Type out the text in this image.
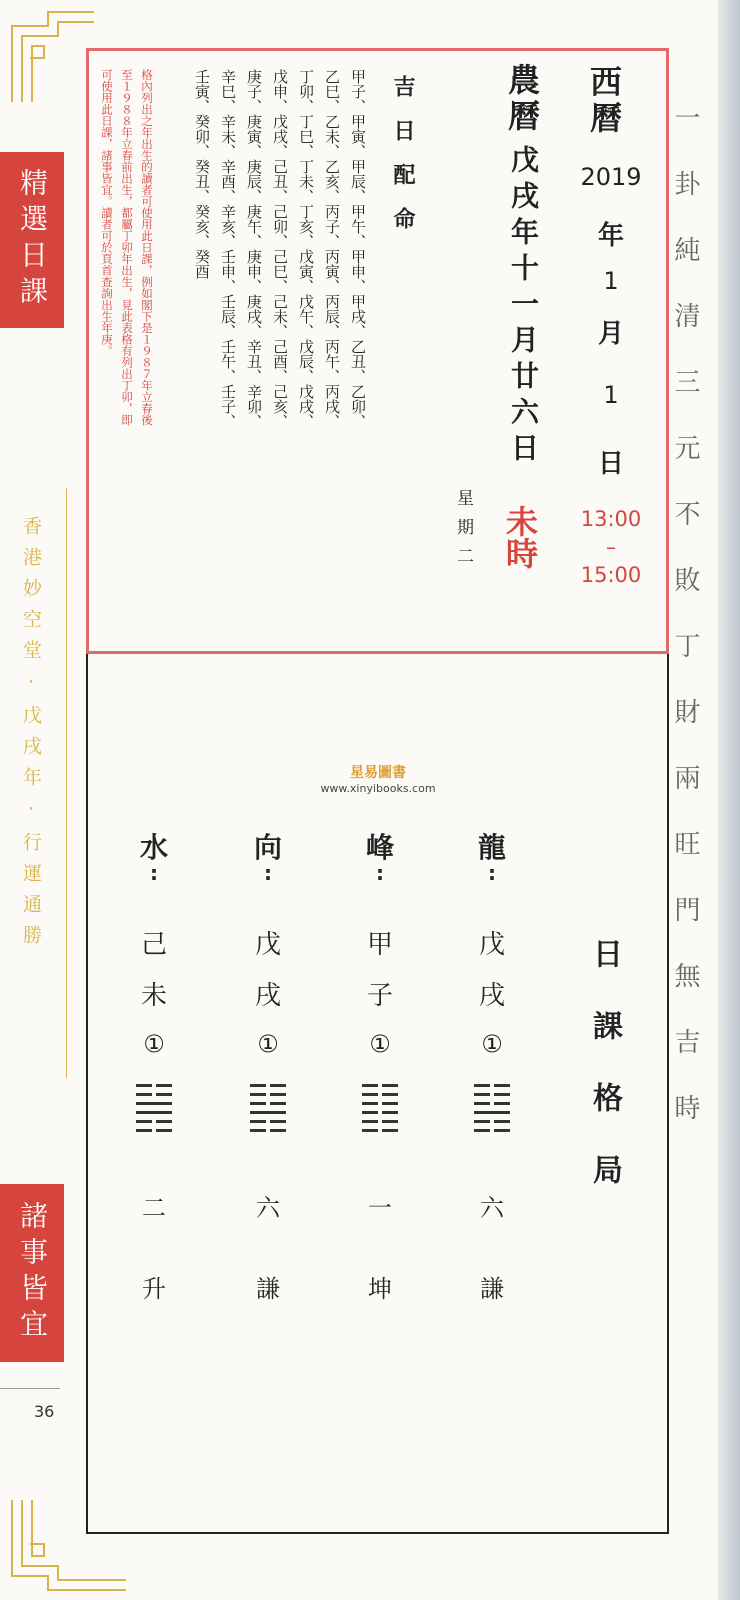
精選日課
諸事皆宜
香港妙空堂‧戊戌年‧行運通勝
36
一卦純清三元不敗丁財兩旺門無吉時
西曆
2019
年
1
月
1
日
13:00
–
15:00
農曆
戊戌年十一月廿六日
未時
星期二
吉日配命
甲子、甲寅、甲辰、甲午、甲申、甲戌、乙丑、乙卯、
乙巳、乙未、乙亥、丙子、丙寅、丙辰、丙午、丙戌、
丁卯、丁巳、丁未、丁亥、戊寅、戊午、戊辰、戊戌、
戊申、戊戌、己丑、己卯、己巳、己未、己酉、己亥、
庚子、庚寅、庚辰、庚午、庚申、庚戌、辛丑、辛卯、
辛巳、辛未、辛酉、辛亥、壬申、壬辰、壬午、壬子、
壬寅、癸卯、癸丑、癸亥、癸酉
格內列出之年出生的讀者可使用此日課，例如閣下是１９８７年立春後
至１９８８年立春前出生，都屬丁卯年出生，見此表格有列出丁卯，即
可使用此日課，諸事皆宜。讀者可於頁首查詢出生年庚。
星易圖書
www.xinyibooks.com
日課格局
龍
:
戊
戌
①
六
謙
峰
:
甲
子
①
一
坤
向
:
戊
戌
①
六
謙
水
:
己
未
①
二
升
